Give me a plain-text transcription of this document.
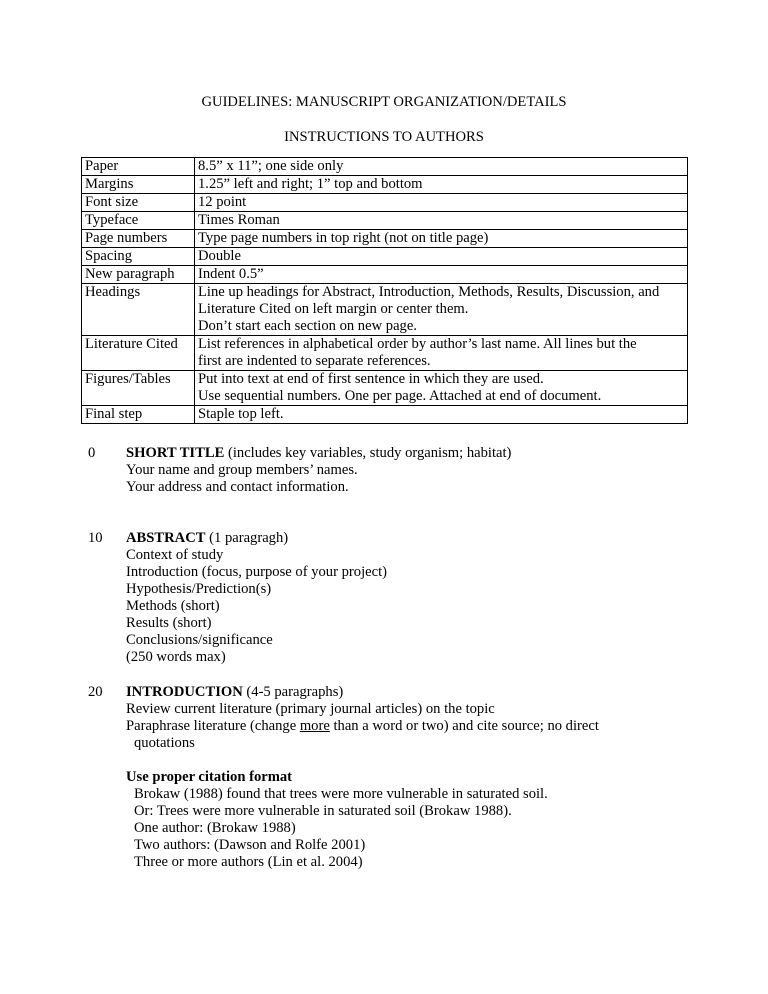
GUIDELINES: MANUSCRIPT ORGANIZATION/DETAILS
INSTRUCTIONS TO AUTHORS
Paper	8.5” x 11”; one side only

Margins	1.25” left and right; 1” top and bottom

Font size	12 point

Typeface	Times Roman

Page numbers	Type page numbers in top right (not on title page)

Spacing	Double

New paragraph	Indent 0.5”

Headings	Line up headings for Abstract, Introduction, Methods, Results, Discussion, and
Literature Cited on left margin or center them.
Don’t start each section on new page.

Literature Cited	List references in alphabetical order by author’s last name. All lines but the
first are indented to separate references.

Figures/Tables	Put into text at end of first sentence in which they are used.
Use sequential numbers. One per page. Attached at end of document.

Final step	Staple top left.
0	SHORT TITLE (includes key variables, study organism; habitat)
Your name and group members’ names.
Your address and contact information.
10	ABSTRACT (1 paragragh)
Context of study
Introduction (focus, purpose of your project)
Hypothesis/Prediction(s)
Methods (short)
Results (short)
Conclusions/significance
(250 words max)
20	INTRODUCTION (4-5 paragraphs)
Review current literature (primary journal articles) on the topic
Paraphrase literature (change more than a word or two) and cite source; no direct
quotations
Use proper citation format
Brokaw (1988) found that trees were more vulnerable in saturated soil.
Or: Trees were more vulnerable in saturated soil (Brokaw 1988).
One author: (Brokaw 1988)
Two authors: (Dawson and Rolfe 2001)
Three or more authors (Lin et al. 2004)
